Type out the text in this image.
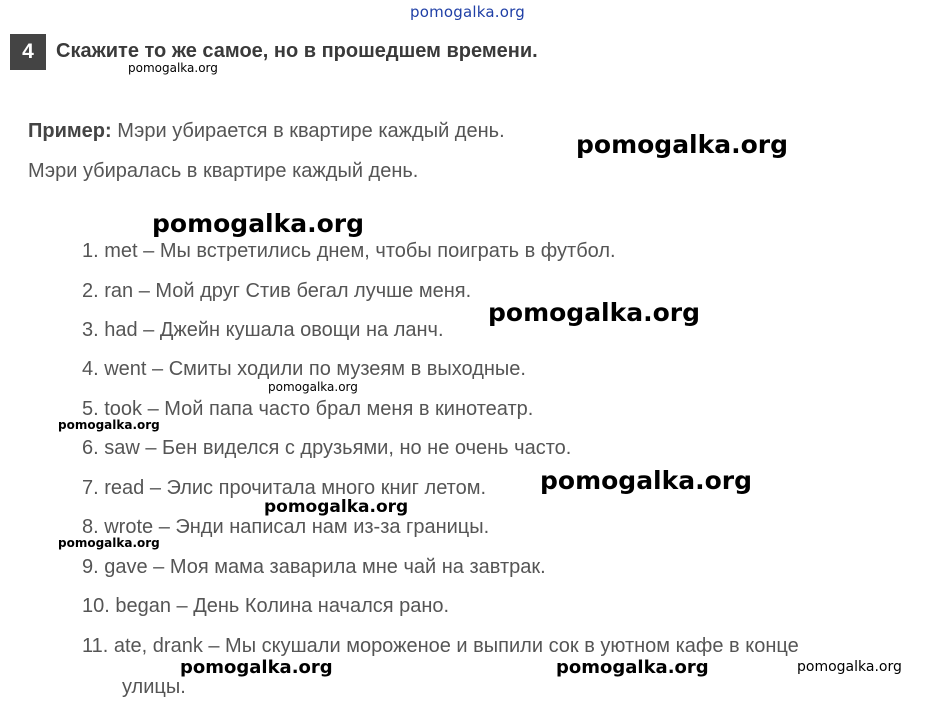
pomogalka.org
4	Скажите то же самое, но в прошедшем времени.
Пример: Мэри убирается в квартире каждый день.
Мэри убиралась в квартире каждый день.
1. met – Мы встретились днем, чтобы поиграть в футбол.
2. ran – Мой друг Стив бегал лучше меня.
3. had – Джейн кушала овощи на ланч.
4. went – Смиты ходили по музеям в выходные.
5. took – Мой папа часто брал меня в кинотеатр.
6. saw – Бен виделся с друзьями, но не очень часто.
7. read – Элис прочитала много книг летом.
8. wrote – Энди написал нам из-за границы.
9. gave – Моя мама заварила мне чай на завтрак.
10. began – День Колина начался рано.
11. ate, drank – Мы скушали мороженое и выпили сок в уютном кафе в конце
улицы.
pomogalka.org
pomogalka.org
pomogalka.org
pomogalka.org
pomogalka.org
pomogalka.org
pomogalka.org
pomogalka.org
pomogalka.org
pomogalka.org	pomogalka.org	pomogalka.org
